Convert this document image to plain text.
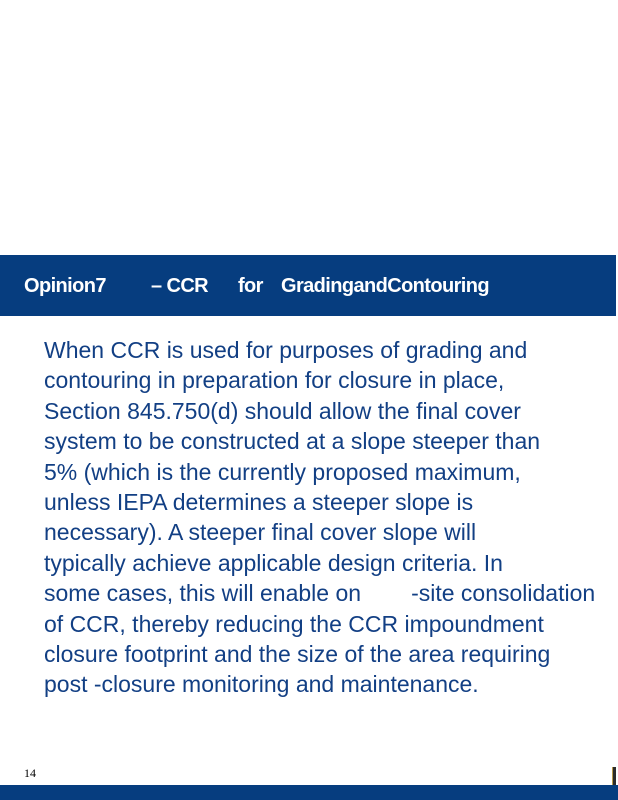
Opinion7 – CCR for GradingandContouring
When CCR is used for purposes of grading and
contouring in preparation for closure in place,
Section 845.750(d) should allow the final cover
system to be constructed at a slope steeper than
5% (which is the currently proposed maximum,
unless IEPA determines a steeper slope is
necessary). A steeper final cover slope will
typically achieve applicable design criteria. In
some cases, this will enable on -site consolidation
of CCR, thereby reducing the CCR impoundment
closure footprint and the size of the area requiring
post -closure monitoring and maintenance.
14
